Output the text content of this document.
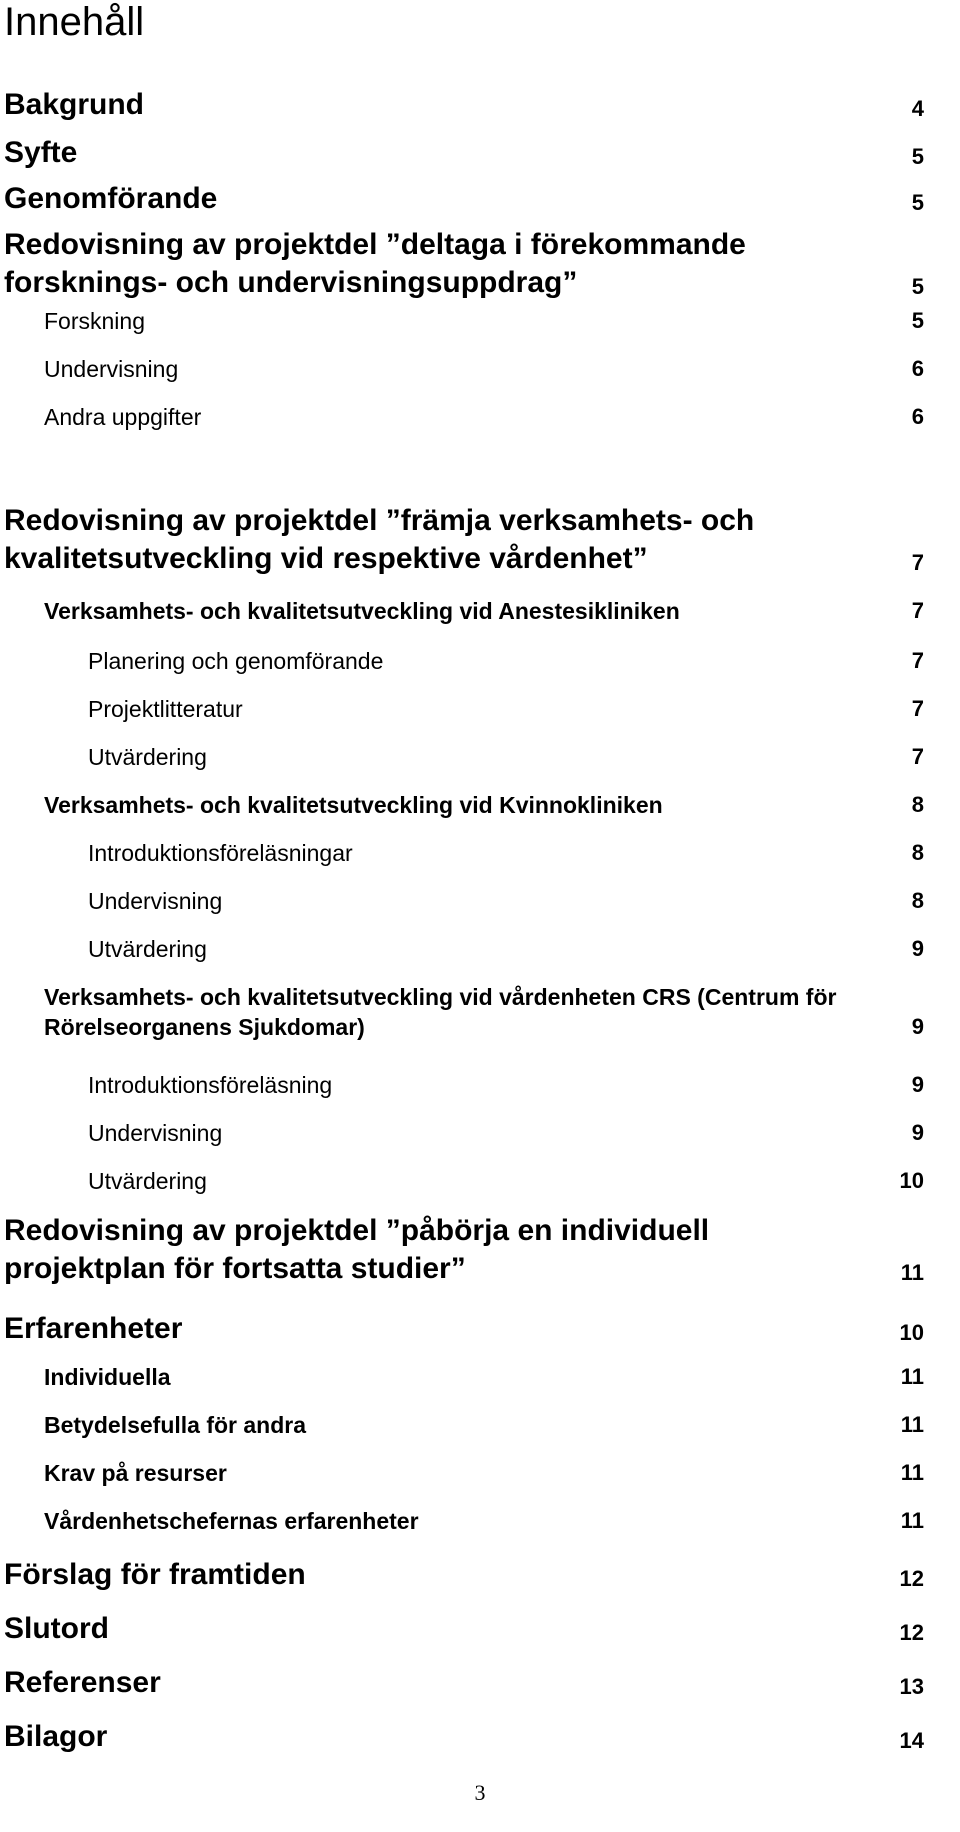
Innehåll
Bakgrund	4
Syfte	5
Genomförande	5
Redovisning av projektdel ”deltaga i förekommande forsknings- och undervisningsuppdrag”	5
Forskning	5
Undervisning	6
Andra uppgifter	6
Redovisning av projektdel ”främja verksamhets- och kvalitetsutveckling vid respektive vårdenhet”	7
Verksamhets- och kvalitetsutveckling vid Anestesikliniken	7
Planering och genomförande	7
Projektlitteratur	7
Utvärdering	7
Verksamhets- och kvalitetsutveckling vid Kvinnokliniken	8
Introduktionsföreläsningar	8
Undervisning	8
Utvärdering	9
Verksamhets- och kvalitetsutveckling vid vårdenheten CRS (Centrum för Rörelseorganens Sjukdomar)	9
Introduktionsföreläsning	9
Undervisning	9
Utvärdering	10
Redovisning av projektdel ”påbörja en individuell projektplan för fortsatta studier”	11
Erfarenheter	10
Individuella	11
Betydelsefulla för andra	11
Krav på resurser	11
Vårdenhetschefernas erfarenheter	11
Förslag för framtiden	12
Slutord	12
Referenser	13
Bilagor	14
3
